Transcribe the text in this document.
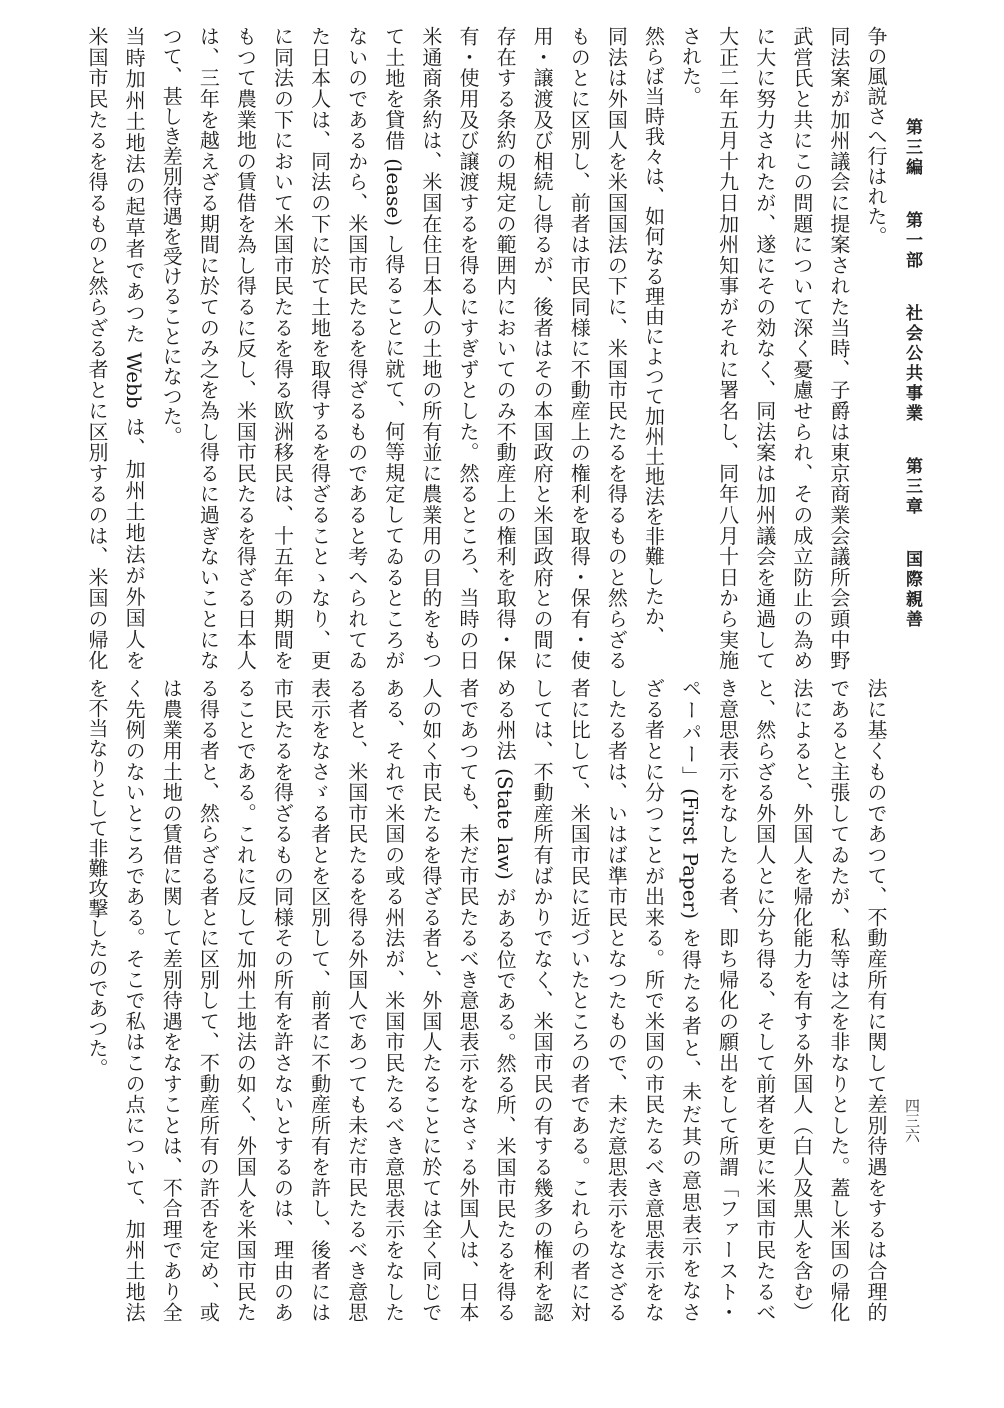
第三編 第一部 社会公共事業 第三章 国際親善
四三六
争の風説さへ行はれた。
同法案が加州議会に提案された当時、子爵は東京商業会議所会頭中野
武営氏と共にこの問題について深く憂慮せられ、その成立防止の為め
に大に努力されたが、遂にその効なく、同法案は加州議会を通過して
大正二年五月十九日加州知事がそれに署名し、同年八月十日から実施
された。
然らば当時我々は、如何なる理由によつて加州土地法を非難したか、
同法は外国人を米国国法の下に、米国市民たるを得るものと然らざる
ものとに区別し、前者は市民同様に不動産上の権利を取得・保有・使
用・譲渡及び相続し得るが、後者はその本国政府と米国政府との間に
存在する条約の規定の範囲内においてのみ不動産上の権利を取得・保
有・使用及び譲渡するを得るにすぎずとした。然るところ、当時の日
米通商条約は、米国在住日本人の土地の所有並に農業用の目的をもつ
て土地を貸借 (lease) し得ることに就て、何等規定してゐるところが
ないのであるから、米国市民たるを得ざるものであると考へられてゐ
た日本人は、同法の下に於て土地を取得するを得ざることゝなり、更
に同法の下において米国市民たるを得る欧洲移民は、十五年の期間を
もつて農業地の賃借を為し得るに反し、米国市民たるを得ざる日本人
は、三年を越えざる期間に於てのみ之を為し得るに過ぎないことにな
つて、甚しき差別待遇を受けることになつた。
当時加州土地法の起草者であつた Webb は、加州土地法が外国人を
米国市民たるを得るものと然らざる者とに区別するのは、米国の帰化
法に基くものであつて、不動産所有に関して差別待遇をするは合理的
であると主張してゐたが、私等は之を非なりとした。蓋し米国の帰化
法によると、外国人を帰化能力を有する外国人（白人及黒人を含む）
と、然らざる外国人とに分ち得る、そして前者を更に米国市民たるべ
き意思表示をなしたる者、即ち帰化の願出をして所謂「ファースト・
ペーパー」(First Paper) を得たる者と、未だ其の意思表示をなさ
ざる者とに分つことが出来る。所で米国の市民たるべき意思表示をな
したる者は、いはば準市民となつたもので、未だ意思表示をなさざる
者に比して、米国市民に近づいたところの者である。これらの者に対
しては、不動産所有ばかりでなく、米国市民の有する幾多の権利を認
める州法 (State law) がある位である。然る所、米国市民たるを得る
者であつても、未だ市民たるべき意思表示をなさゞる外国人は、日本
人の如く市民たるを得ざる者と、外国人たることに於ては全く同じで
ある、それで米国の或る州法が、米国市民たるべき意思表示をなした
る者と、米国市民たるを得る外国人であつても未だ市民たるべき意思
表示をなさゞる者とを区別して、前者に不動産所有を許し、後者には
市民たるを得ざるもの同様その所有を許さないとするのは、理由のあ
ることである。これに反して加州土地法の如く、外国人を米国市民た
る得る者と、然らざる者とに区別して、不動産所有の許否を定め、或
は農業用土地の賃借に関して差別待遇をなすことは、不合理であり全
く先例のないところである。そこで私はこの点について、加州土地法
を不当なりとして非難攻撃したのであつた。
